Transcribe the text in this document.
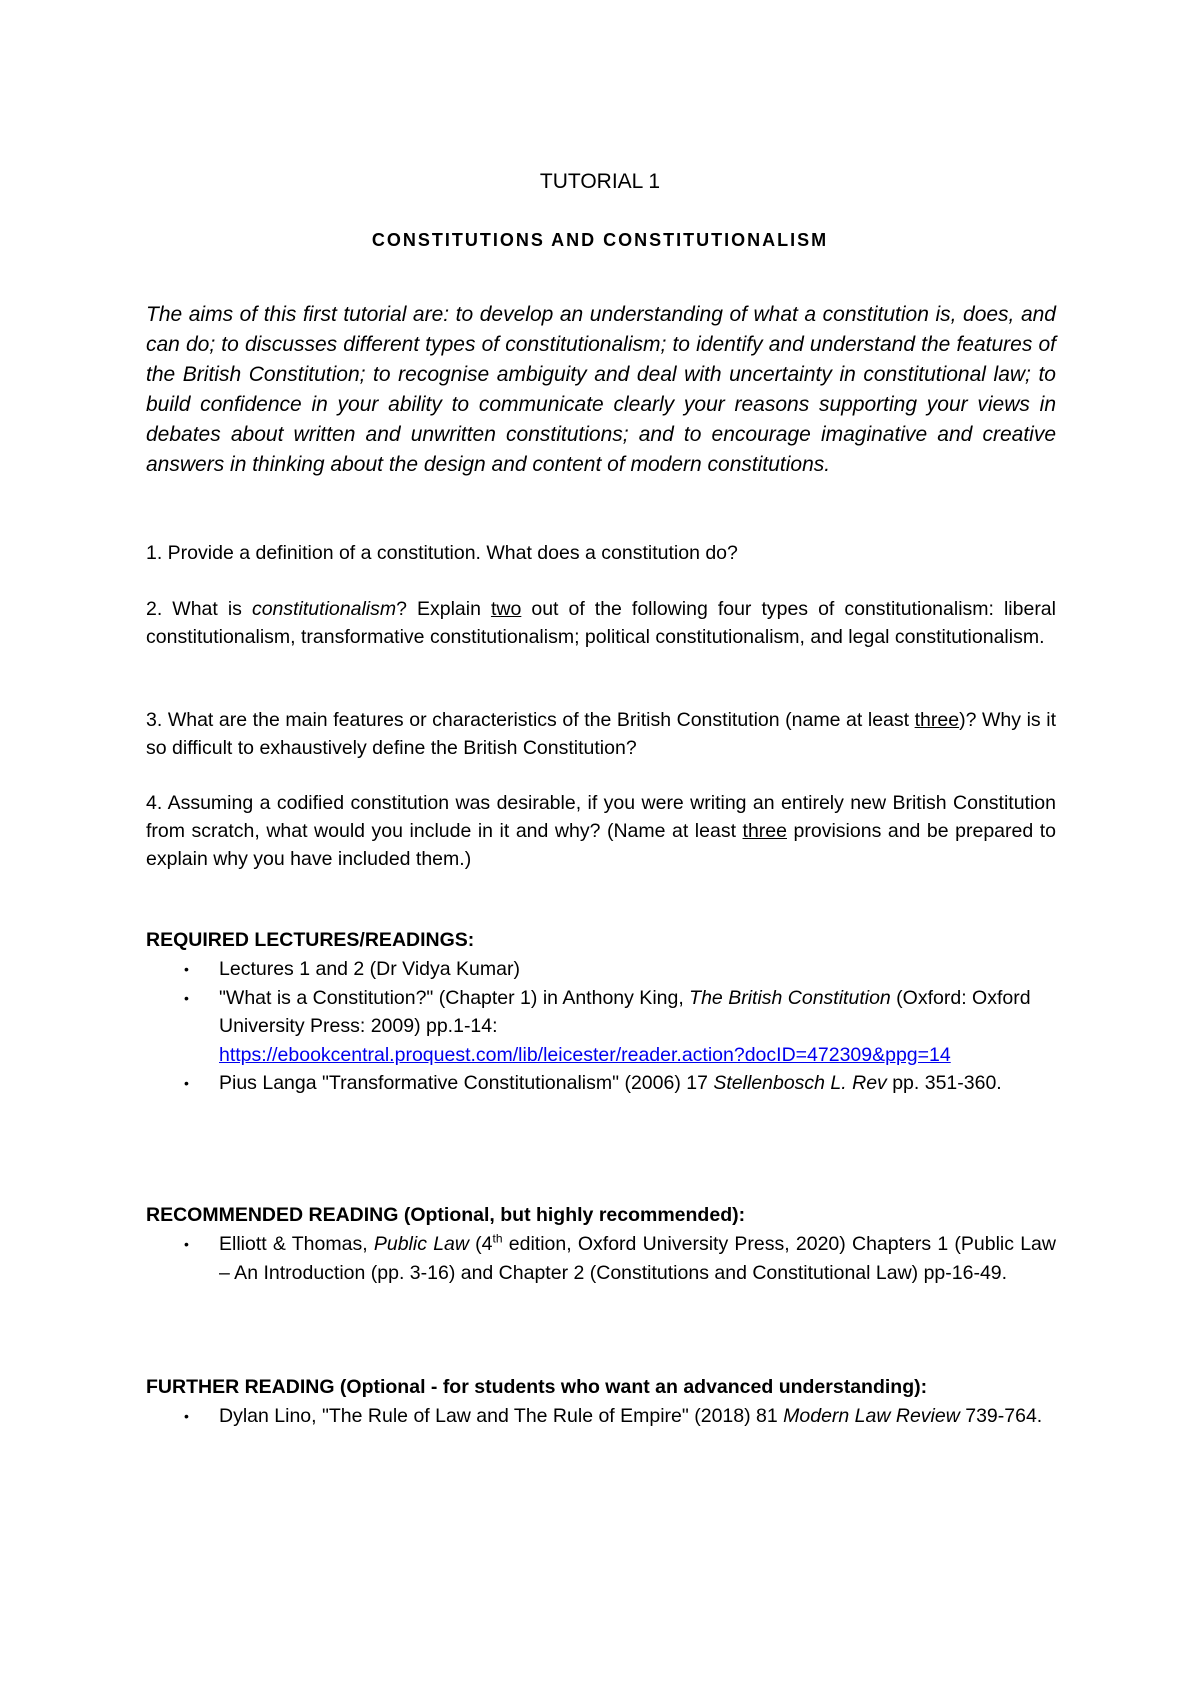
TUTORIAL 1
CONSTITUTIONS AND CONSTITUTIONALISM
The aims of this first tutorial are: to develop an understanding of what a constitution is, does, and can do; to discusses different types of constitutionalism; to identify and understand the features of the British Constitution; to recognise ambiguity and deal with uncertainty in constitutional law; to build confidence in your ability to communicate clearly your reasons supporting your views in debates about written and unwritten constitutions; and to encourage imaginative and creative answers in thinking about the design and content of modern constitutions.
1. Provide a definition of a constitution. What does a constitution do?
2. What is constitutionalism? Explain two out of the following four types of constitutionalism: liberal constitutionalism, transformative constitutionalism; political constitutionalism, and legal constitutionalism.
3. What are the main features or characteristics of the British Constitution (name at least three)? Why is it so difficult to exhaustively define the British Constitution?
4. Assuming a codified constitution was desirable, if you were writing an entirely new British Constitution from scratch, what would you include in it and why? (Name at least three provisions and be prepared to explain why you have included them.)
REQUIRED LECTURES/READINGS:
• Lectures 1 and 2 (Dr Vidya Kumar)
• "What is a Constitution?" (Chapter 1) in Anthony King, The British Constitution (Oxford: Oxford University Press: 2009) pp.1-14:
https://ebookcentral.proquest.com/lib/leicester/reader.action?docID=472309&ppg=14
• Pius Langa "Transformative Constitutionalism" (2006) 17 Stellenbosch L. Rev pp. 351-360.
RECOMMENDED READING (Optional, but highly recommended):
• Elliott & Thomas, Public Law (4th edition, Oxford University Press, 2020) Chapters 1 (Public Law – An Introduction (pp. 3-16) and Chapter 2 (Constitutions and Constitutional Law) pp-16-49.
FURTHER READING (Optional - for students who want an advanced understanding):
• Dylan Lino, "The Rule of Law and The Rule of Empire" (2018) 81 Modern Law Review 739-764.
